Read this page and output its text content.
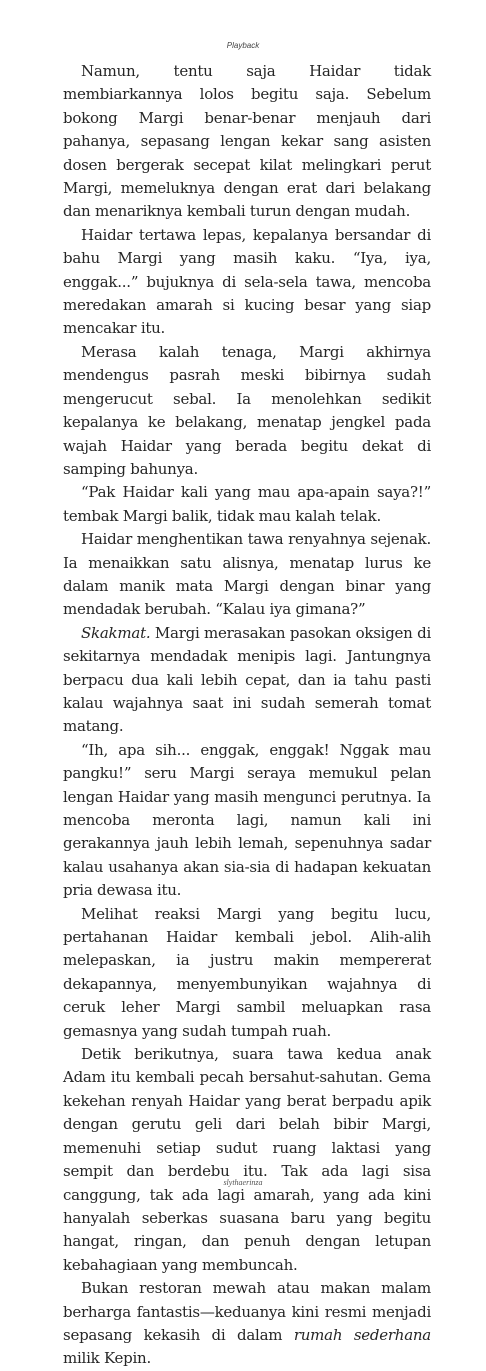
Playback

Namun, tentu saja Haidar tidak membiarkannya lolos begitu saja. Sebelum bokong Margi benar-benar menjauh dari pahanya, sepasang lengan kekar sang asisten dosen bergerak secepat kilat melingkari perut Margi, memeluknya dengan erat dari belakang dan menariknya kembali turun dengan mudah.

Haidar tertawa lepas, kepalanya bersandar di bahu Margi yang masih kaku. “Iya, iya, enggak...” bujuknya di sela-sela tawa, mencoba meredakan amarah si kucing besar yang siap mencakar itu.

Merasa kalah tenaga, Margi akhirnya mendengus pasrah meski bibirnya sudah mengerucut sebal. Ia menolehkan sedikit kepalanya ke belakang, menatap jengkel pada wajah Haidar yang berada begitu dekat di samping bahunya.

“Pak Haidar kali yang mau apa-apain saya?!” tembak Margi balik, tidak mau kalah telak.

Haidar menghentikan tawa renyahnya sejenak. Ia menaikkan satu alisnya, menatap lurus ke dalam manik mata Margi dengan binar yang mendadak berubah. “Kalau iya gimana?”

Skakmat. Margi merasakan pasokan oksigen di sekitarnya mendadak menipis lagi. Jantungnya berpacu dua kali lebih cepat, dan ia tahu pasti kalau wajahnya saat ini sudah semerah tomat matang.

“Ih, apa sih... enggak, enggak! Nggak mau pangku!” seru Margi seraya memukul pelan lengan Haidar yang masih mengunci perutnya. Ia mencoba meronta lagi, namun kali ini gerakannya jauh lebih lemah, sepenuhnya sadar kalau usahanya akan sia-sia di hadapan kekuatan pria dewasa itu.

Melihat reaksi Margi yang begitu lucu, pertahanan Haidar kembali jebol. Alih-alih melepaskan, ia justru makin mempererat dekapannya, menyembunyikan wajahnya di ceruk leher Margi sambil meluapkan rasa gemasnya yang sudah tumpah ruah.

Detik berikutnya, suara tawa kedua anak Adam itu kembali pecah bersahut-sahutan. Gema kekehan renyah Haidar yang berat berpadu apik dengan gerutu geli dari belah bibir Margi, memenuhi setiap sudut ruang laktasi yang sempit dan berdebu itu. Tak ada lagi sisa canggung, tak ada lagi amarah, yang ada kini hanyalah seberkas suasana baru yang begitu hangat, ringan, dan penuh dengan letupan kebahagiaan yang membuncah.

Bukan restoran mewah atau makan malam berharga fantastis—keduanya kini resmi menjadi sepasang kekasih di dalam rumah sederhana milik Kepin.

slythaerinza
